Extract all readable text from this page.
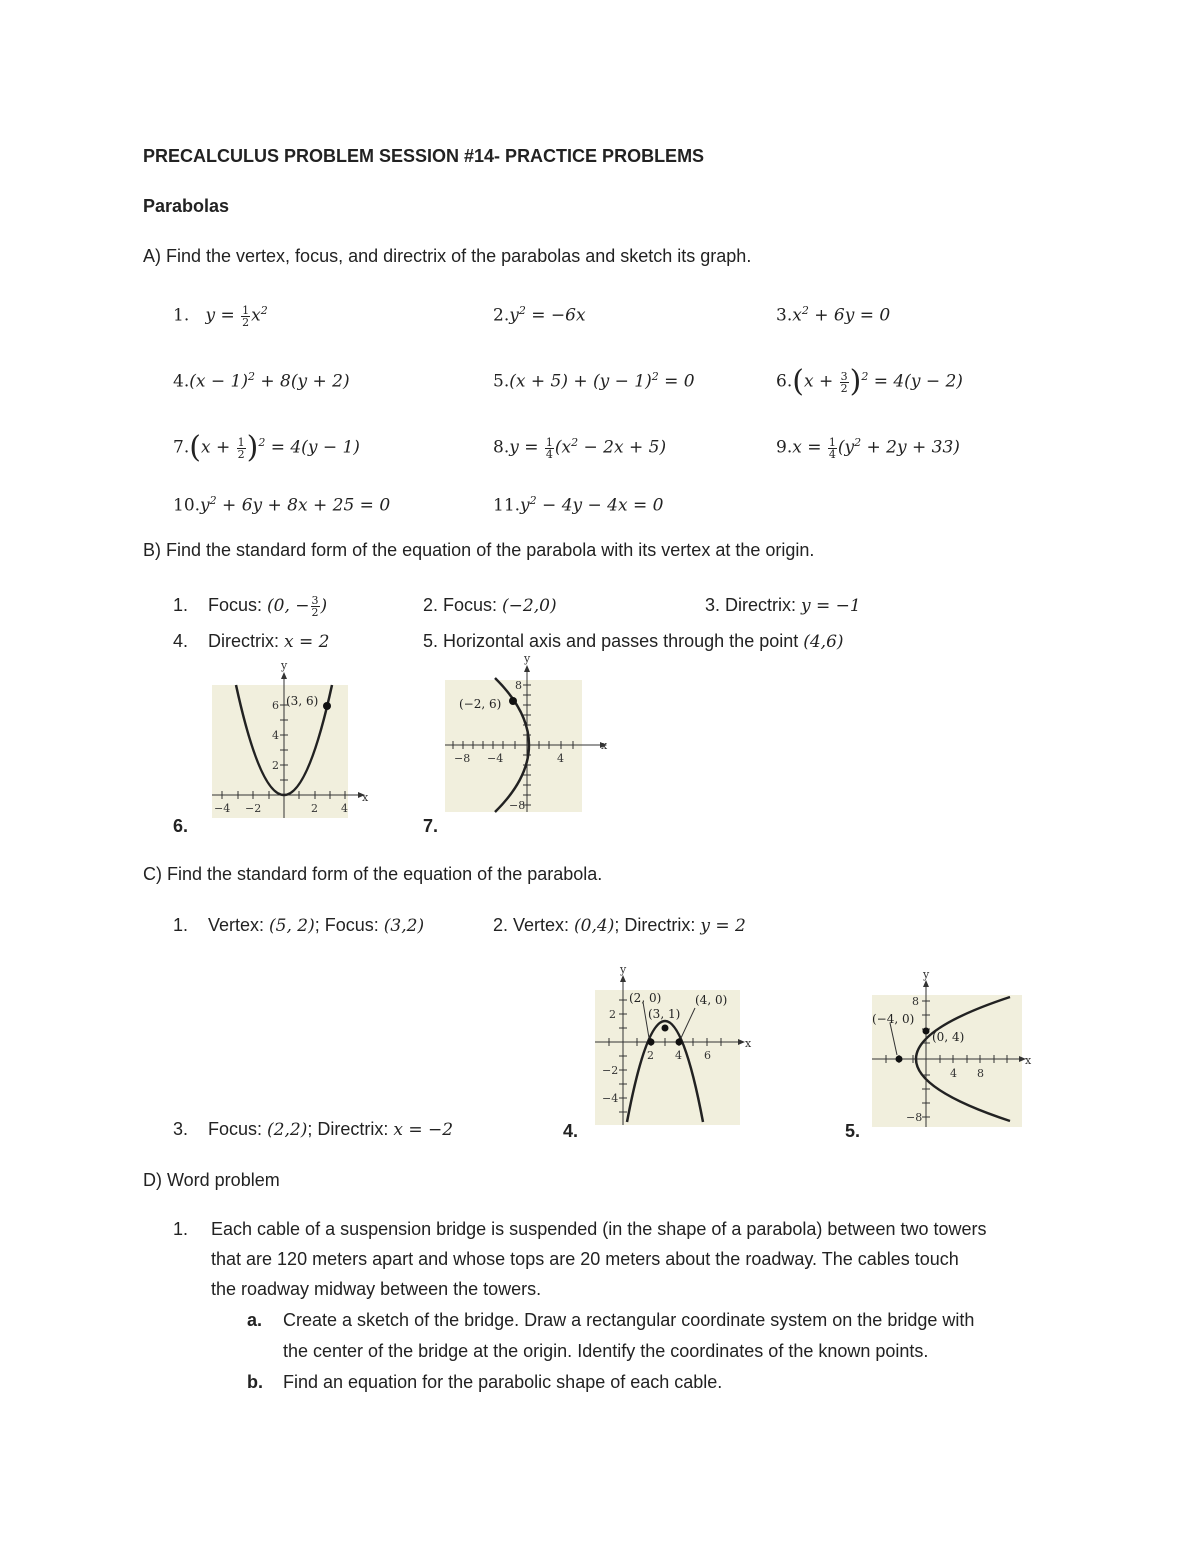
PRECALCULUS PROBLEM SESSION #14- PRACTICE PROBLEMS
Parabolas
A) Find the vertex, focus, and directrix of the parabolas and sketch its graph.
1.   $y = \frac{1}{2} x^2$	$2.y^2 = -6x$	$3.x^2 + 6y = 0$
$4.(x - 1)^2 + 8(y + 2)$	$5.(x + 5) + (y - 1)^2 = 0$	$6.(x + \frac{3}{2} )^2 = 4(y - 2)$
$7.(x + \frac{1}{2} )^2 = 4(y - 1)$	$8.y = \frac{1}{4} (x^2 - 2x + 5)$	$9.x = \frac{1}{4} (y^2 + 2y + 33)$
$10.y^2 + 6y + 8x + 25 = 0$	$11.y^2 - 4y - 4x = 0$
B) Find the standard form of the equation of the parabola with its vertex at the origin.
1.    Focus: (0, − $\frac{3}{2}$ )	2. Focus: (−2,0)	3. Directrix: y = −1
4.    Directrix: x = 2	5. Horizontal axis and passes through the point (4,6)
(3, 6)
y
x
−4 −2	2 4
6
4
2
6.
(−2, 6)
y
x
−8 −4	4
8
−8
7.
C) Find the standard form of the equation of the parabola.
1.    Vertex: (5, 2); Focus: (3,2)	2. Vertex: (0,4); Directrix: y = 2
(2, 0)
(3, 1)
(4, 0)
y
x
2 4 6
2
−2
−4
(−4, 0)
(0, 4)
y
x
4 8
8
−8
3.    Focus: (2,2); Directrix: x = −2	4.	5.
D) Word problem
1. Each cable of a suspension bridge is suspended (in the shape of a parabola) between two towers
that are 120 meters apart and whose tops are 20 meters about the roadway. The cables touch
the roadway midway between the towers.
a. Create a sketch of the bridge. Draw a rectangular coordinate system on the bridge with
the center of the bridge at the origin. Identify the coordinates of the known points.
b. Find an equation for the parabolic shape of each cable.
